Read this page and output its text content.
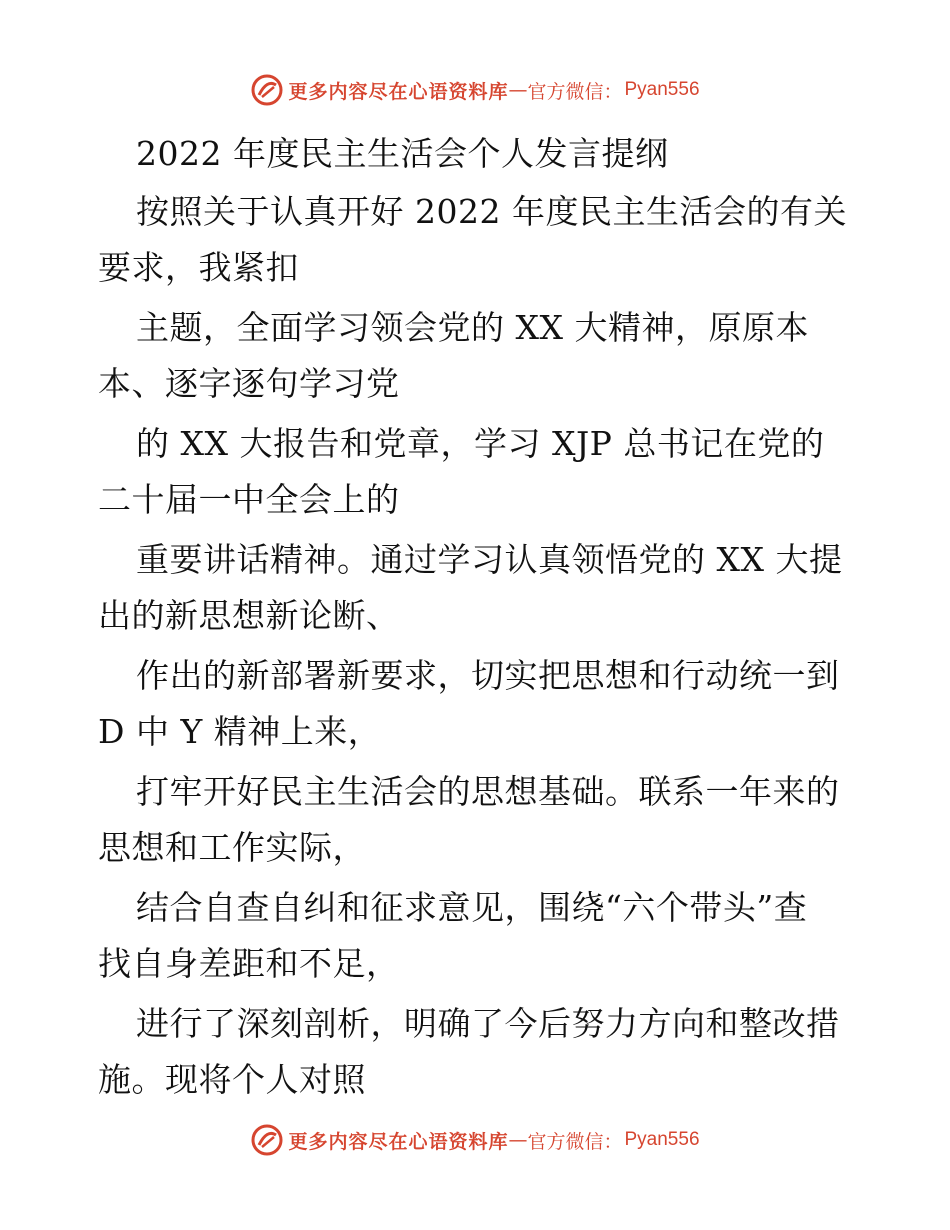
更多内容尽在心语资料库 — 官方微信： Pyan556
2022 年度民主生活会个人发言提纲
按照关于认真开好 2022 年度民主生活会的有关
要求，我紧扣
主题，全面学习领会党的 XX 大精神，原原本
本、逐字逐句学习党
的 XX 大报告和党章，学习 XJP 总书记在党的
二十届一中全会上的
重要讲话精神。通过学习认真领悟党的 XX 大提
出的新思想新论断、
作出的新部署新要求，切实把思想和行动统一到
D 中 Y 精神上来，
打牢开好民主生活会的思想基础。联系一年来的
思想和工作实际，
结合自查自纠和征求意见，围绕“六个带头”查
找自身差距和不足，
进行了深刻剖析，明确了今后努力方向和整改措
施。现将个人对照
更多内容尽在心语资料库 — 官方微信： Pyan556
